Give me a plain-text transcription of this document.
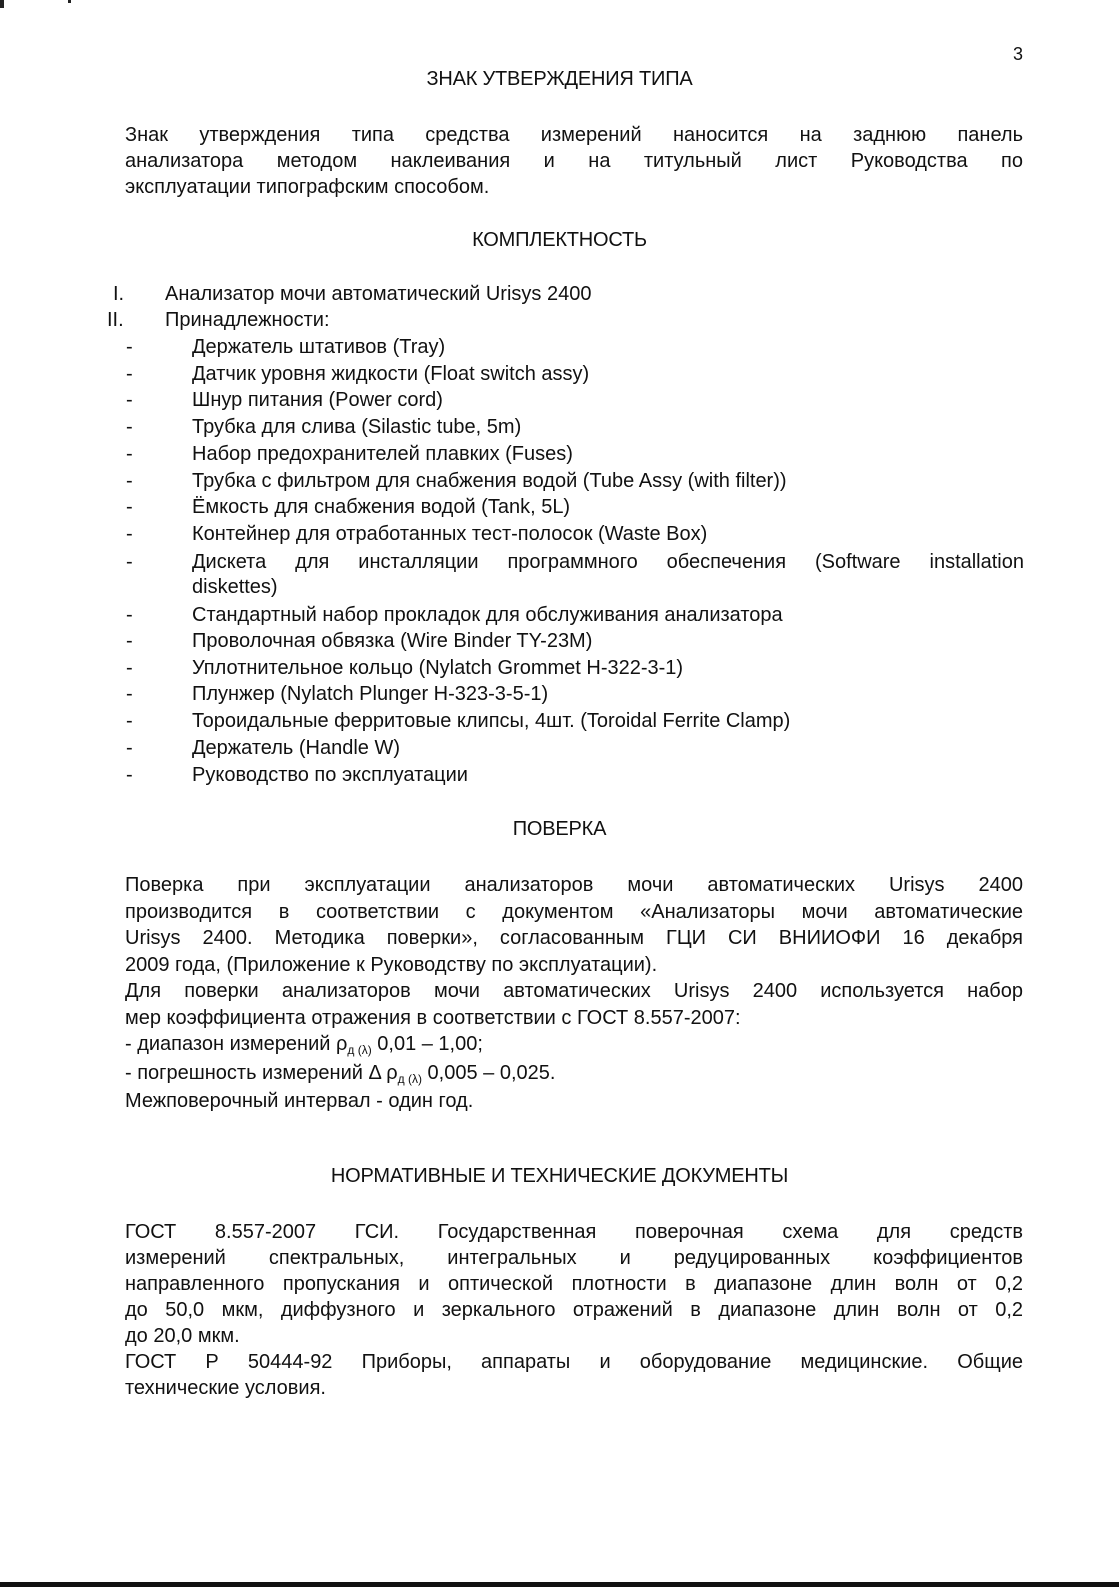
3
ЗНАК УТВЕРЖДЕНИЯ ТИПА
Знак утверждения типа средства измерений наносится на заднюю панель
анализатора методом наклеивания и на титульный лист Руководства по
эксплуатации типографским способом.
КОМПЛЕКТНОСТЬ
I.	Анализатор мочи автоматический Urisys 2400
II.	Принадлежности:
-	Держатель штативов (Tray)
-	Датчик уровня жидкости (Float switch assy)
-	Шнур питания (Power cord)
-	Трубка для слива (Silastic tube, 5m)
-	Набор предохранителей плавких (Fuses)
-	Трубка с фильтром для снабжения водой (Tube Assy (with filter))
-	Ёмкость для снабжения водой (Tank, 5L)
-	Контейнер для отработанных тест-полосок (Waste Box)
-	Дискета для инсталляции программного обеспечения (Software installation
diskettes)
-	Стандартный набор прокладок для обслуживания анализатора
-	Проволочная обвязка (Wire Binder TY-23M)
-	Уплотнительное кольцо (Nylatch Grommet H-322-3-1)
-	Плунжер (Nylatch Plunger H-323-3-5-1)
-	Тороидальные ферритовые клипсы, 4шт. (Toroidal Ferrite Clamp)
-	Держатель (Handle W)
-	Руководство по эксплуатации
ПОВЕРКА
Поверка при эксплуатации анализаторов мочи автоматических Urisys 2400
производится в соответствии с документом «Анализаторы мочи автоматические
Urisys 2400. Методика поверки», согласованным ГЦИ СИ ВНИИОФИ 16 декабря
2009 года, (Приложение к Руководству по эксплуатации).
Для поверки анализаторов мочи автоматических Urisys 2400 используется набор
мер коэффициента отражения в соответствии с ГОСТ 8.557-2007:
- диапазон измерений $\rho_{д (\lambda)}$ 0,01 – 1,00;
- погрешность измерений Δ $\rho_{д (\lambda)}$ 0,005 – 0,025.
Межповерочный интервал - один год.
НОРМАТИВНЫЕ И ТЕХНИЧЕСКИЕ ДОКУМЕНТЫ
ГОСТ 8.557-2007 ГСИ. Государственная поверочная схема для средств
измерений спектральных, интегральных и редуцированных коэффициентов
направленного пропускания и оптической плотности в диапазоне длин волн от 0,2
до 50,0 мкм, диффузного и зеркального отражений в диапазоне длин волн от 0,2
до 20,0 мкм.
ГОСТ Р 50444-92 Приборы, аппараты и оборудование медицинские. Общие
технические условия.
